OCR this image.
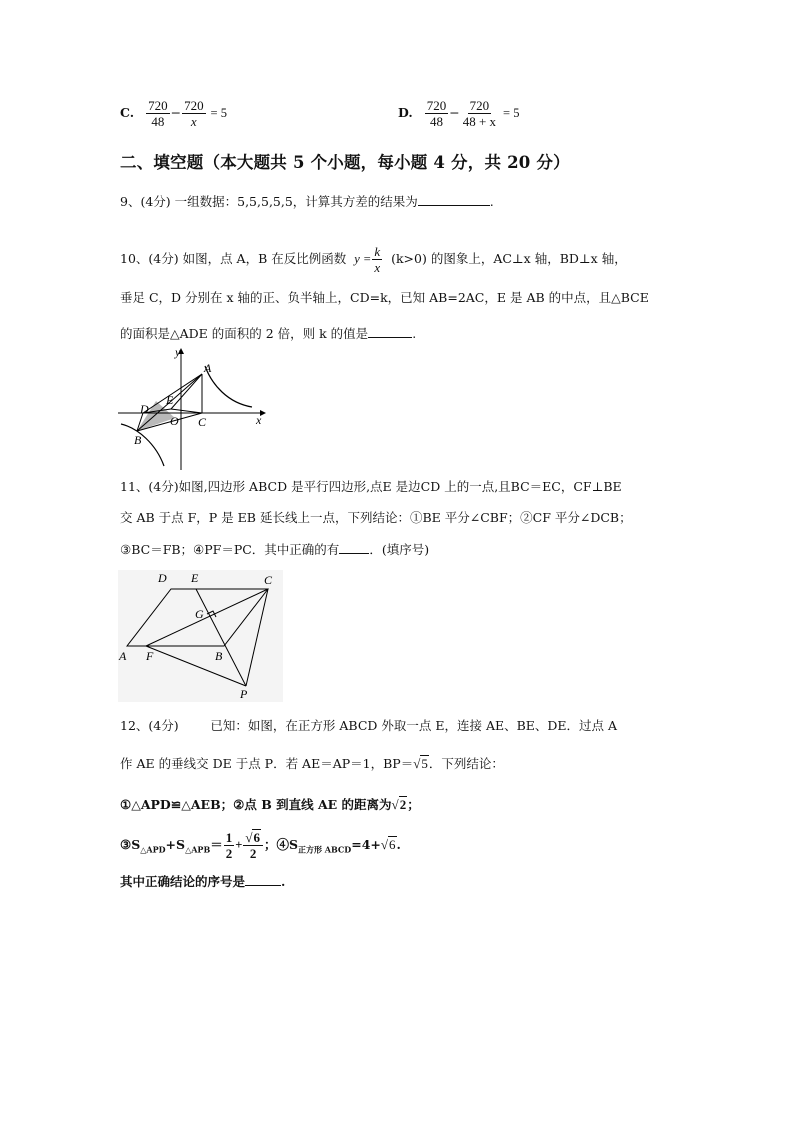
C. $\frac{720}{48} - \frac{720}{x} = 5$	D. $\frac{720}{48} - \frac{720}{48 + x} = 5$
二、填空题（本大题共 5 个小题，每小题 4 分，共 20 分）
9、(4分) 一组数据：5,5,5,5,5，计算其方差的结果为	.
10、(4分) 如图，点 A，B 在反比例函数 $y = \frac{k}{x} (k>0)$ 的图象上，AC⊥x 轴，BD⊥x 轴，
垂足 C，D 分别在 x 轴的正、负半轴上，CD=k，已知 AB=2AC，E 是 AB 的中点，且△BCE
的面积是△ADE 的面积的 2 倍，则 k 的值是	.
y
x
A
B
C
D
E
O
11、(4分)如图,四边形 ABCD 是平行四边形,点E 是边CD 上的一点,且BC＝EC，CF⊥BE
交 AB 于点 F，P 是 EB 延长线上一点，下列结论：①BE 平分∠CBF；②CF 平分∠DCB；
③BC＝FB；④PF＝PC．其中正确的有 ．(填序号)
D E	C
G
A F	B
P
12、(4分)        已知：如图，在正方形 ABCD 外取一点 E，连接 AE、BE、DE．过点 A
作 AE 的垂线交 DE 于点 P．若 AE＝AP＝1，BP＝√5．下列结论：
①△APD≌△AEB；②点 B 到直线 AE 的距离为√2；
$③S_{\triangle APD}+S_{\triangle APB}= \frac{1}{2} + \frac{√6}{2}$ ；$④S_{正方形 ABCD}=4+√6$.
其中正确结论的序号是	.
